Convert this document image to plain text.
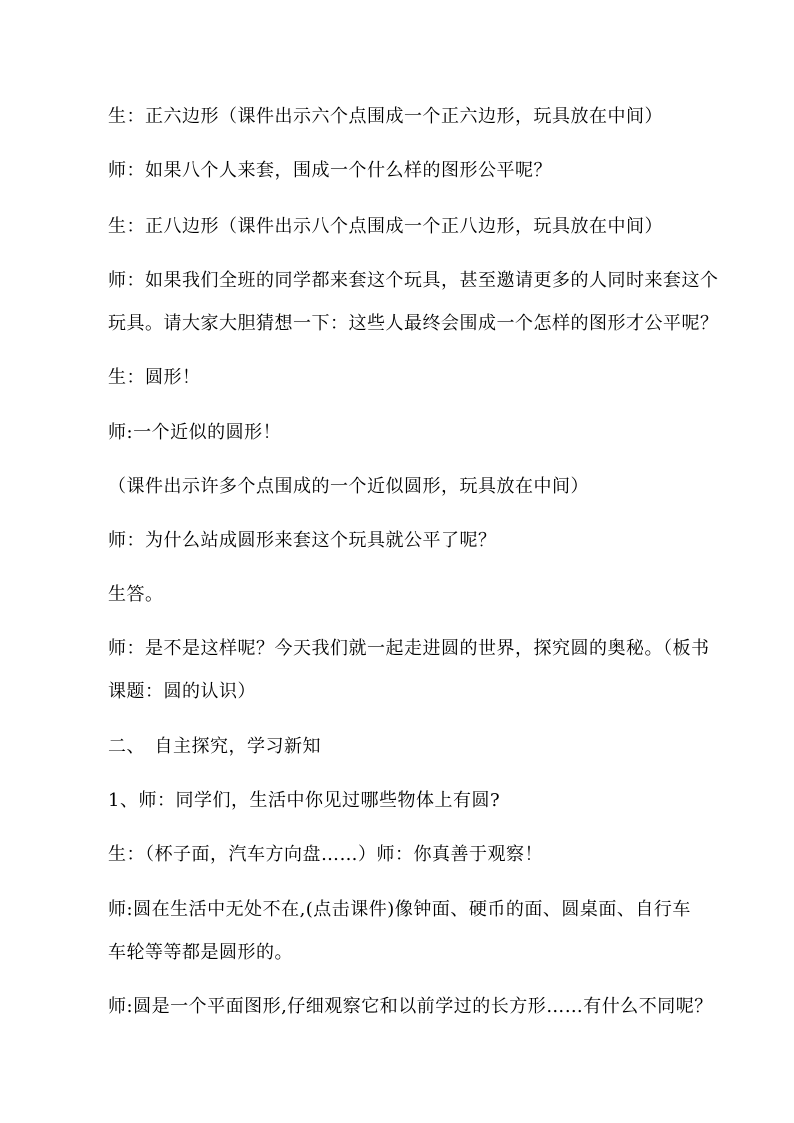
生：正六边形（课件出示六个点围成一个正六边形，玩具放在中间）
师：如果八个人来套，围成一个什么样的图形公平呢？
生：正八边形（课件出示八个点围成一个正八边形，玩具放在中间）
师：如果我们全班的同学都来套这个玩具，甚至邀请更多的人同时来套这个
玩具。请大家大胆猜想一下：这些人最终会围成一个怎样的图形才公平呢？
生：圆形！
师:一个近似的圆形！
（课件出示许多个点围成的一个近似圆形，玩具放在中间）
师：为什么站成圆形来套这个玩具就公平了呢？
生答。
师：是不是这样呢？今天我们就一起走进圆的世界，探究圆的奥秘。（板书
课题：圆的认识）
二、　自主探究，学习新知
1、师：同学们，生活中你见过哪些物体上有圆?
生：（杯子面，汽车方向盘……）师：你真善于观察！
师:圆在生活中无处不在,(点击课件)像钟面、硬币的面、圆桌面、自行车
车轮等等都是圆形的。
师:圆是一个平面图形,仔细观察它和以前学过的长方形……有什么不同呢？
